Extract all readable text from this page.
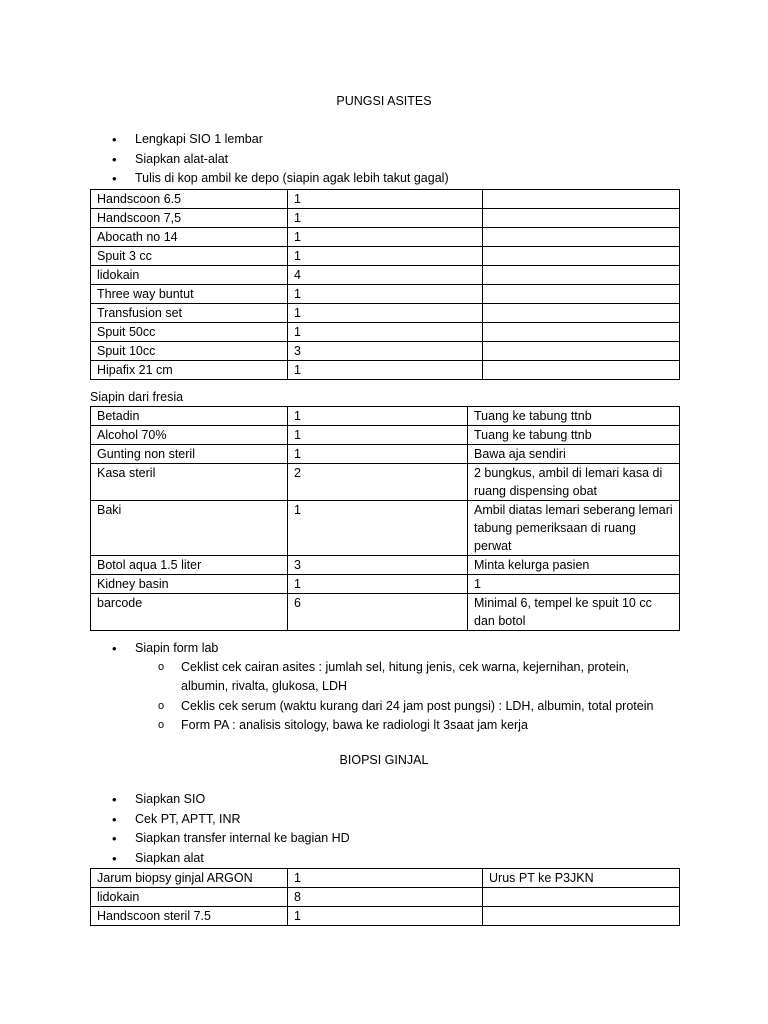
PUNGSI ASITES
• Lengkapi SIO 1 lembar
• Siapkan alat-alat
• Tulis di kop ambil ke depo (siapin agak lebih takut gagal)
Handscoon 6.5	1	
Handscoon 7,5	1	
Abocath no 14	1	
Spuit 3 cc	1	
lidokain	4	
Three way buntut	1	
Transfusion set	1	
Spuit 50cc	1	
Spuit 10cc	3	
Hipafix 21 cm	1	
Siapin dari fresia
Betadin	1	Tuang ke tabung ttnb
Alcohol 70%	1	Tuang ke tabung ttnb
Gunting non steril	1	Bawa aja sendiri
Kasa steril	2	2 bungkus, ambil di lemari kasa di ruang dispensing obat
Baki	1	Ambil diatas lemari seberang lemari tabung pemeriksaan di ruang perwat
Botol aqua 1.5 liter	3	Minta kelurga pasien
Kidney basin	1	1
barcode	6	Minimal 6, tempel ke spuit 10 cc dan botol
• Siapin form lab
o Ceklist cek cairan asites : jumlah sel, hitung jenis, cek warna, kejernihan, protein, albumin, rivalta, glukosa, LDH
o Ceklis cek serum (waktu kurang dari 24 jam post pungsi) : LDH, albumin, total protein
o Form PA : analisis sitology, bawa ke radiologi lt 3saat jam kerja
BIOPSI GINJAL
• Siapkan SIO
• Cek PT, APTT, INR
• Siapkan transfer internal ke bagian HD
• Siapkan alat
Jarum biopsy ginjal ARGON	1	Urus PT ke P3JKN
lidokain	8	
Handscoon steril 7.5	1	
